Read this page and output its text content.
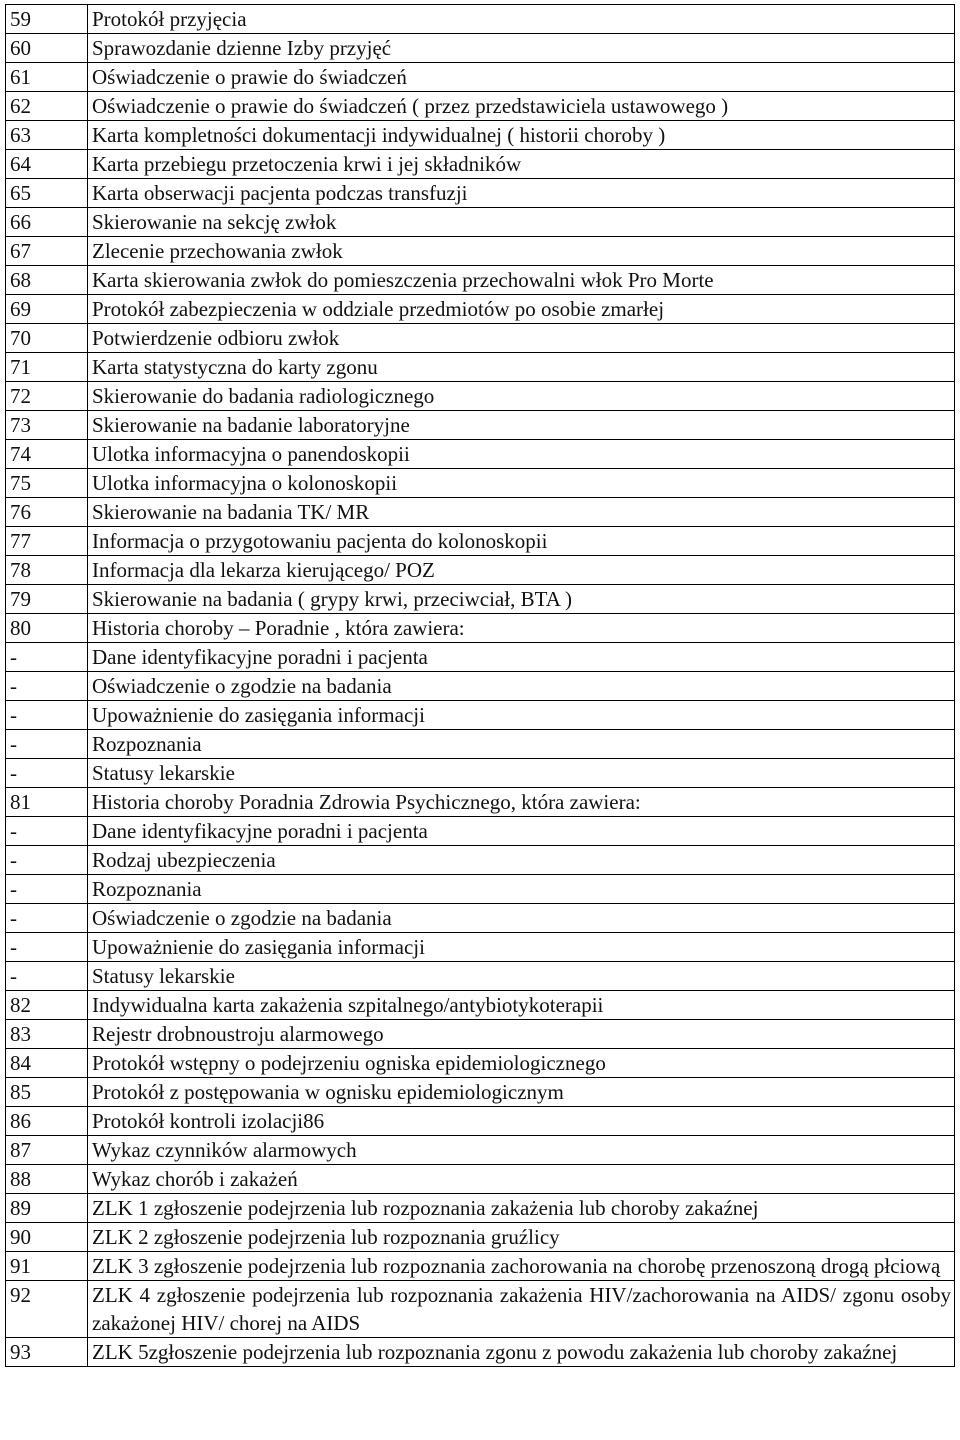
59	Protokół przyjęcia
60	Sprawozdanie dzienne Izby przyjęć
61	Oświadczenie o prawie do świadczeń
62	Oświadczenie o prawie do świadczeń ( przez przedstawiciela ustawowego )
63	Karta kompletności dokumentacji indywidualnej ( historii choroby )
64	Karta przebiegu przetoczenia krwi i jej składników
65	Karta obserwacji pacjenta podczas transfuzji
66	Skierowanie na sekcję zwłok
67	Zlecenie przechowania zwłok
68	Karta skierowania zwłok do pomieszczenia przechowalni włok Pro Morte
69	Protokół zabezpieczenia w oddziale przedmiotów po osobie zmarłej
70	Potwierdzenie odbioru zwłok
71	Karta statystyczna do karty zgonu
72	Skierowanie do badania radiologicznego
73	Skierowanie na badanie laboratoryjne
74	Ulotka informacyjna o panendoskopii
75	Ulotka informacyjna o kolonoskopii
76	Skierowanie na badania TK/ MR
77	Informacja o przygotowaniu pacjenta do kolonoskopii
78	Informacja dla lekarza kierującego/ POZ
79	Skierowanie na badania ( grypy krwi, przeciwciał, BTA )
80	Historia choroby – Poradnie , która zawiera:
-	Dane identyfikacyjne poradni i pacjenta
-	Oświadczenie o zgodzie na badania
-	Upoważnienie do zasięgania informacji
-	Rozpoznania
-	Statusy lekarskie
81	Historia choroby Poradnia Zdrowia Psychicznego, która zawiera:
-	Dane identyfikacyjne poradni i pacjenta
-	Rodzaj ubezpieczenia
-	Rozpoznania
-	Oświadczenie o zgodzie na badania
-	Upoważnienie do zasięgania informacji
-	Statusy lekarskie
82	Indywidualna karta zakażenia szpitalnego/antybiotykoterapii
83	Rejestr drobnoustroju alarmowego
84	Protokół wstępny o podejrzeniu ogniska epidemiologicznego
85	Protokół z postępowania w ognisku epidemiologicznym
86	Protokół kontroli izolacji86
87	Wykaz czynników alarmowych
88	Wykaz chorób i zakażeń
89	ZLK 1 zgłoszenie podejrzenia lub rozpoznania zakażenia lub choroby zakaźnej
90	ZLK 2 zgłoszenie podejrzenia lub rozpoznania gruźlicy
91	ZLK 3 zgłoszenie podejrzenia lub rozpoznania zachorowania na chorobę przenoszoną drogą płciową
92	ZLK 4 zgłoszenie podejrzenia lub rozpoznania zakażenia HIV/zachorowania na AIDS/ zgonu osoby zakażonej HIV/ chorej na AIDS
93	ZLK 5zgłoszenie podejrzenia lub rozpoznania zgonu z powodu zakażenia lub choroby zakaźnej
